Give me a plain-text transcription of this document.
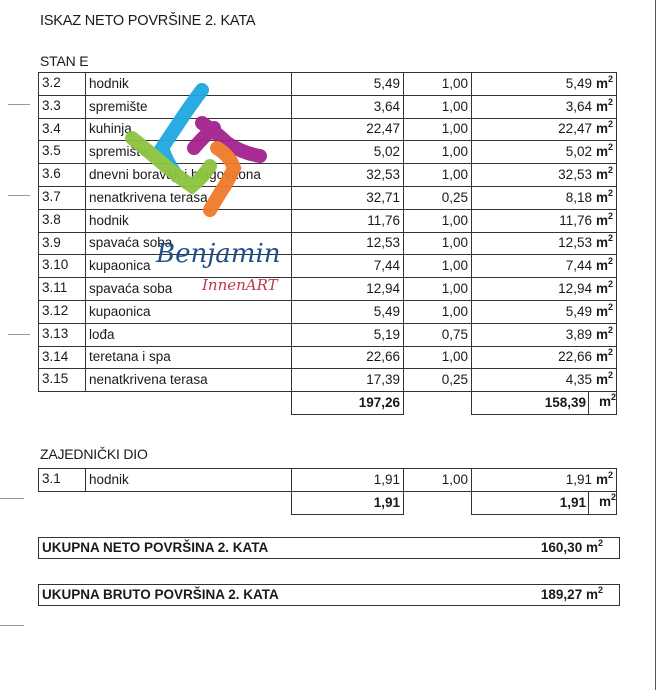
ISKAZ NETO POVRŠINE 2. KATA
STAN E
3.2	hodnik	5,49	1,00	5,49 $m^2$
3.3	spremište	3,64	1,00	3,64 $m^2$
3.4	kuhinja	22,47	1,00	22,47 $m^2$
3.5	spremište	5,02	1,00	5,02 $m^2$
3.6	dnevni boravak i blagovaona	32,53	1,00	32,53 $m^2$
3.7	nenatkrivena terasa	32,71	0,25	8,18 $m^2$
3.8	hodnik	11,76	1,00	11,76 $m^2$
3.9	spavaća soba	12,53	1,00	12,53 $m^2$
3.10	kupaonica	7,44	1,00	7,44 $m^2$
3.11	spavaća soba	12,94	1,00	12,94 $m^2$
3.12	kupaonica	5,49	1,00	5,49 $m^2$
3.13	lođa	5,19	0,75	3,89 $m^2$
3.14	teretana i spa	22,66	1,00	22,66 $m^2$
3.15	nenatkrivena terasa	17,39	0,25	4,35 $m^2$
		197,26		158,39 $m^2$
ZAJEDNIČKI DIO
3.1	hodnik	1,91	1,00	1,91 $m^2$
		1,91		1,91 $m^2$
UKUPNA NETO POVRŠINA 2. KATA	160,30 $m^2$
UKUPNA BRUTO POVRŠINA 2. KATA	189,27 $m^2$
Benjamin
InnenART
